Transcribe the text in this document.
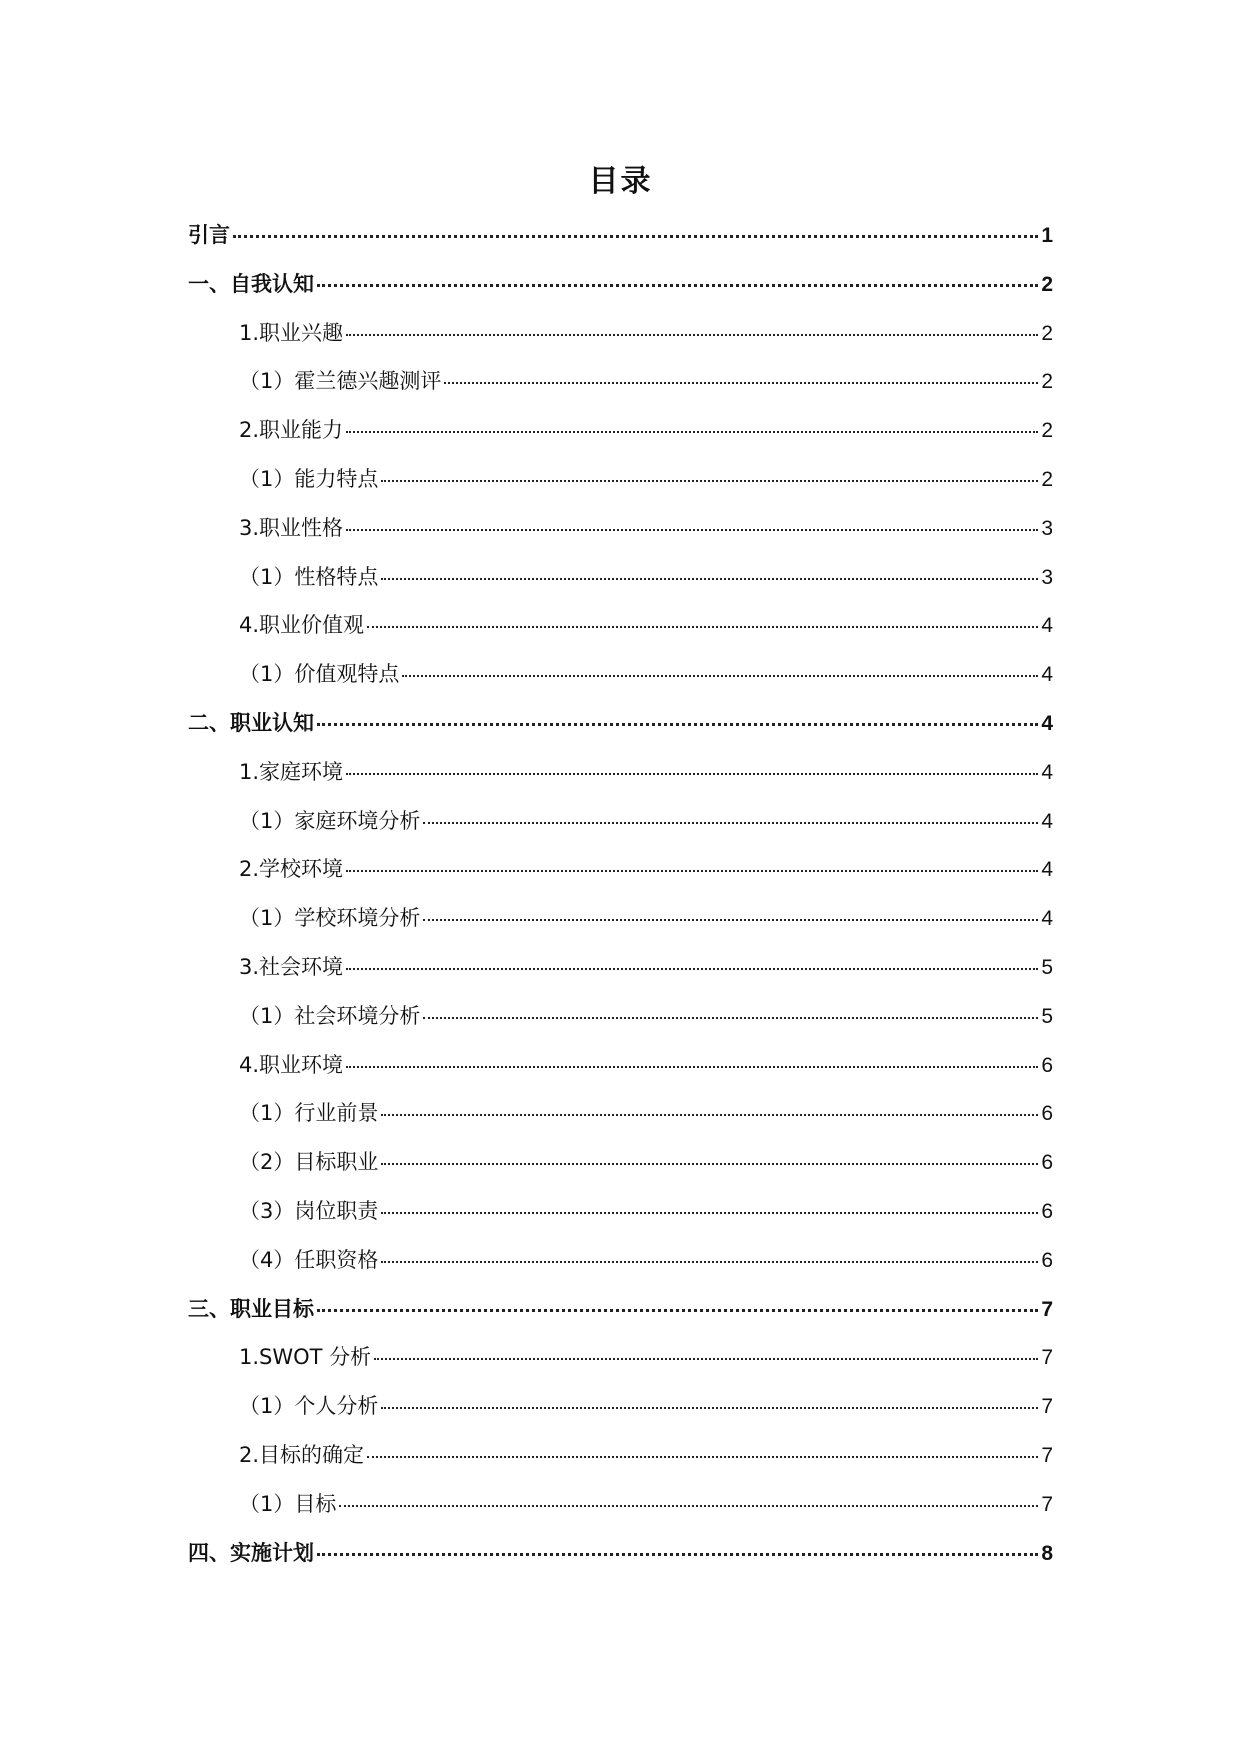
目录
引言	1
一、自我认知	2
1.职业兴趣	2
（1）霍兰德兴趣测评	2
2.职业能力	2
（1）能力特点	2
3.职业性格	3
（1）性格特点	3
4.职业价值观	4
（1）价值观特点	4
二、职业认知	4
1.家庭环境	4
（1）家庭环境分析	4
2.学校环境	4
（1）学校环境分析	4
3.社会环境	5
（1）社会环境分析	5
4.职业环境	6
（1）行业前景	6
（2）目标职业	6
（3）岗位职责	6
（4）任职资格	6
三、职业目标	7
1.SWOT 分析	7
（1）个人分析	7
2.目标的确定	7
（1）目标	7
四、实施计划	8
